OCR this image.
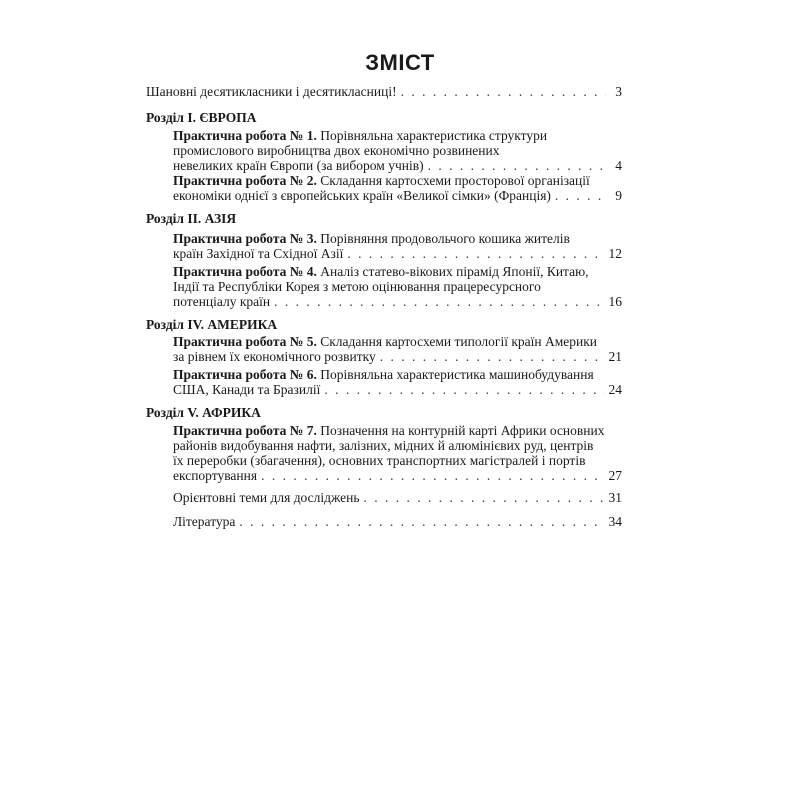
ЗМІСТ
Шановні десятикласники і десятикласниці! . . .	3
Розділ І. ЄВРОПА
Практична робота № 1. Порівняльна характеристика структури
промислового виробництва двох економічно розвинених
невеликих країн Європи (за вибором учнів) . . .	4
Практична робота № 2. Складання картосхеми просторової організації
економіки однієї з європейських країн «Великої сімки» (Франція) . . .	9
Розділ ІІ. АЗІЯ
Практична робота № 3. Порівняння продовольчого кошика жителів
країн Західної та Східної Азії . . .	12
Практична робота № 4. Аналіз статево-вікових пірамід Японії, Китаю,
Індії та Республіки Корея з метою оцінювання працересурсного
потенціалу країн . . .	16
Розділ IV. АМЕРИКА
Практична робота № 5. Складання картосхеми типології країн Америки
за рівнем їх економічного розвитку . . .	21
Практична робота № 6. Порівняльна характеристика машинобудування
США, Канади та Бразилії . . .	24
Розділ V. АФРИКА
Практична робота № 7. Позначення на контурній карті Африки основних
районів видобування нафти, залізних, мідних й алюмінієвих руд, центрів
їх переробки (збагачення), основних транспортних магістралей і портів
експортування . . .	27
Орієнтовні теми для досліджень . . .	31
Література . . .	34
